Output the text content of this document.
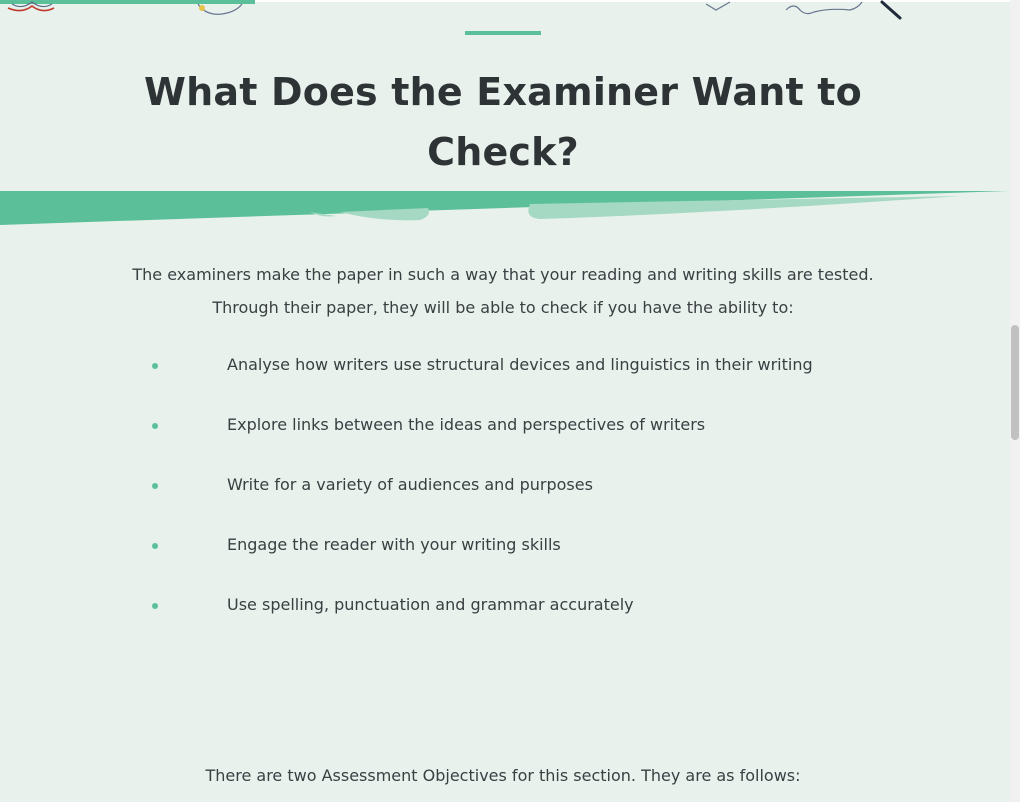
What Does the Examiner Want to Check?

The examiners make the paper in such a way that your reading and writing skills are tested.

Through their paper, they will be able to check if you have the ability to:

Analyse how writers use structural devices and linguistics in their writing
Explore links between the ideas and perspectives of writers
Write for a variety of audiences and purposes
Engage the reader with your writing skills
Use spelling, punctuation and grammar accurately

There are two Assessment Objectives for this section. They are as follows:
